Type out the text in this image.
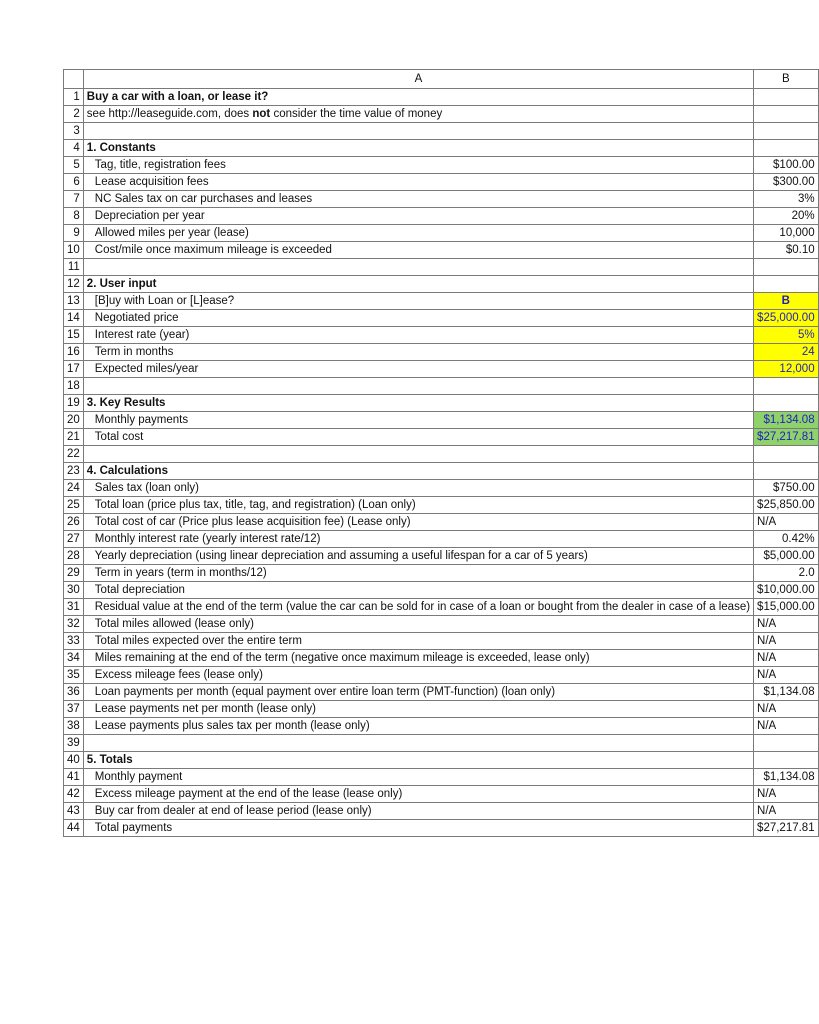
	A	B
1	Buy a car with a loan, or lease it?	
2	see http://leaseguide.com, does not consider the time value of money	
3		
4	1. Constants	
5	Tag, title, registration fees	$100.00
6	Lease acquisition fees	$300.00
7	NC Sales tax on car purchases and leases	3%
8	Depreciation per year	20%
9	Allowed miles per year (lease)	10,000
10	Cost/mile once maximum mileage is exceeded	$0.10
11		
12	2. User input	
13	[B]uy with Loan or [L]ease?	B
14	Negotiated price	$25,000.00
15	Interest rate (year)	5%
16	Term in months	24
17	Expected miles/year	12,000
18		
19	3. Key Results	
20	Monthly payments	$1,134.08
21	Total cost	$27,217.81
22		
23	4. Calculations	
24	Sales tax (loan only)	$750.00
25	Total loan (price plus tax, title, tag, and registration) (Loan only)	$25,850.00
26	Total cost of car (Price plus lease acquisition fee) (Lease only)	N/A
27	Monthly interest rate (yearly interest rate/12)	0.42%
28	Yearly depreciation (using linear depreciation and assuming a useful lifespan for a car of 5 years)	$5,000.00
29	Term in years (term in months/12)	2.0
30	Total depreciation	$10,000.00
31	Residual value at the end of the term (value the car can be sold for in case of a loan or bought from the dealer in case of a lease)	$15,000.00
32	Total miles allowed (lease only)	N/A
33	Total miles expected over the entire term	N/A
34	Miles remaining at the end of the term (negative once maximum mileage is exceeded, lease only)	N/A
35	Excess mileage fees (lease only)	N/A
36	Loan payments per month (equal payment over entire loan term (PMT-function) (loan only)	$1,134.08
37	Lease payments net per month (lease only)	N/A
38	Lease payments plus sales tax per month (lease only)	N/A
39		
40	5. Totals	
41	Monthly payment	$1,134.08
42	Excess mileage payment at the end of the lease (lease only)	N/A
43	Buy car from dealer at end of lease period (lease only)	N/A
44	Total payments	$27,217.81
